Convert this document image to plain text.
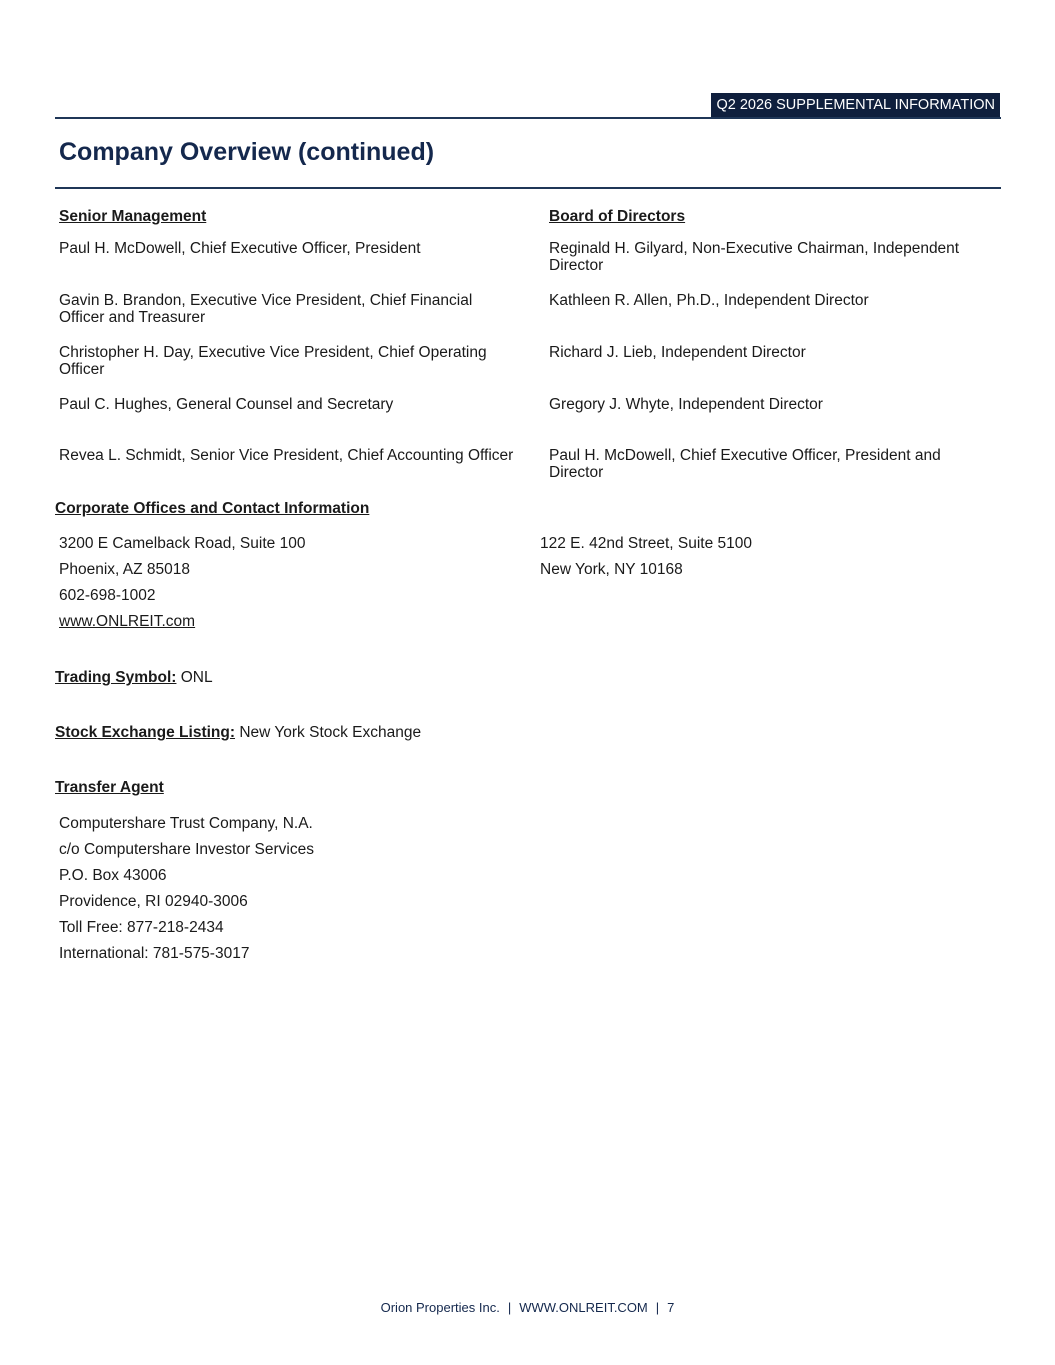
Q2 2026 SUPPLEMENTAL INFORMATION
Company Overview (continued)
Senior Management
Paul H. McDowell, Chief Executive Officer, President
Gavin B. Brandon, Executive Vice President, Chief Financial Officer and Treasurer
Christopher H. Day, Executive Vice President, Chief Operating Officer
Paul C. Hughes, General Counsel and Secretary
Revea L. Schmidt, Senior Vice President, Chief Accounting Officer
Board of Directors
Reginald H. Gilyard, Non-Executive Chairman, Independent Director
Kathleen R. Allen, Ph.D., Independent Director
Richard J. Lieb, Independent Director
Gregory J. Whyte, Independent Director
Paul H. McDowell, Chief Executive Officer, President and Director
Corporate Offices and Contact Information
3200 E Camelback Road, Suite 100
Phoenix, AZ 85018
602-698-1002
www.ONLREIT.com
122 E. 42nd Street, Suite 5100
New York, NY 10168
Trading Symbol: ONL
Stock Exchange Listing: New York Stock Exchange
Transfer Agent
Computershare Trust Company, N.A.
c/o Computershare Investor Services
P.O. Box 43006
Providence, RI 02940-3006
Toll Free: 877-218-2434
International: 781-575-3017
Orion Properties Inc. | WWW.ONLREIT.COM | 7
